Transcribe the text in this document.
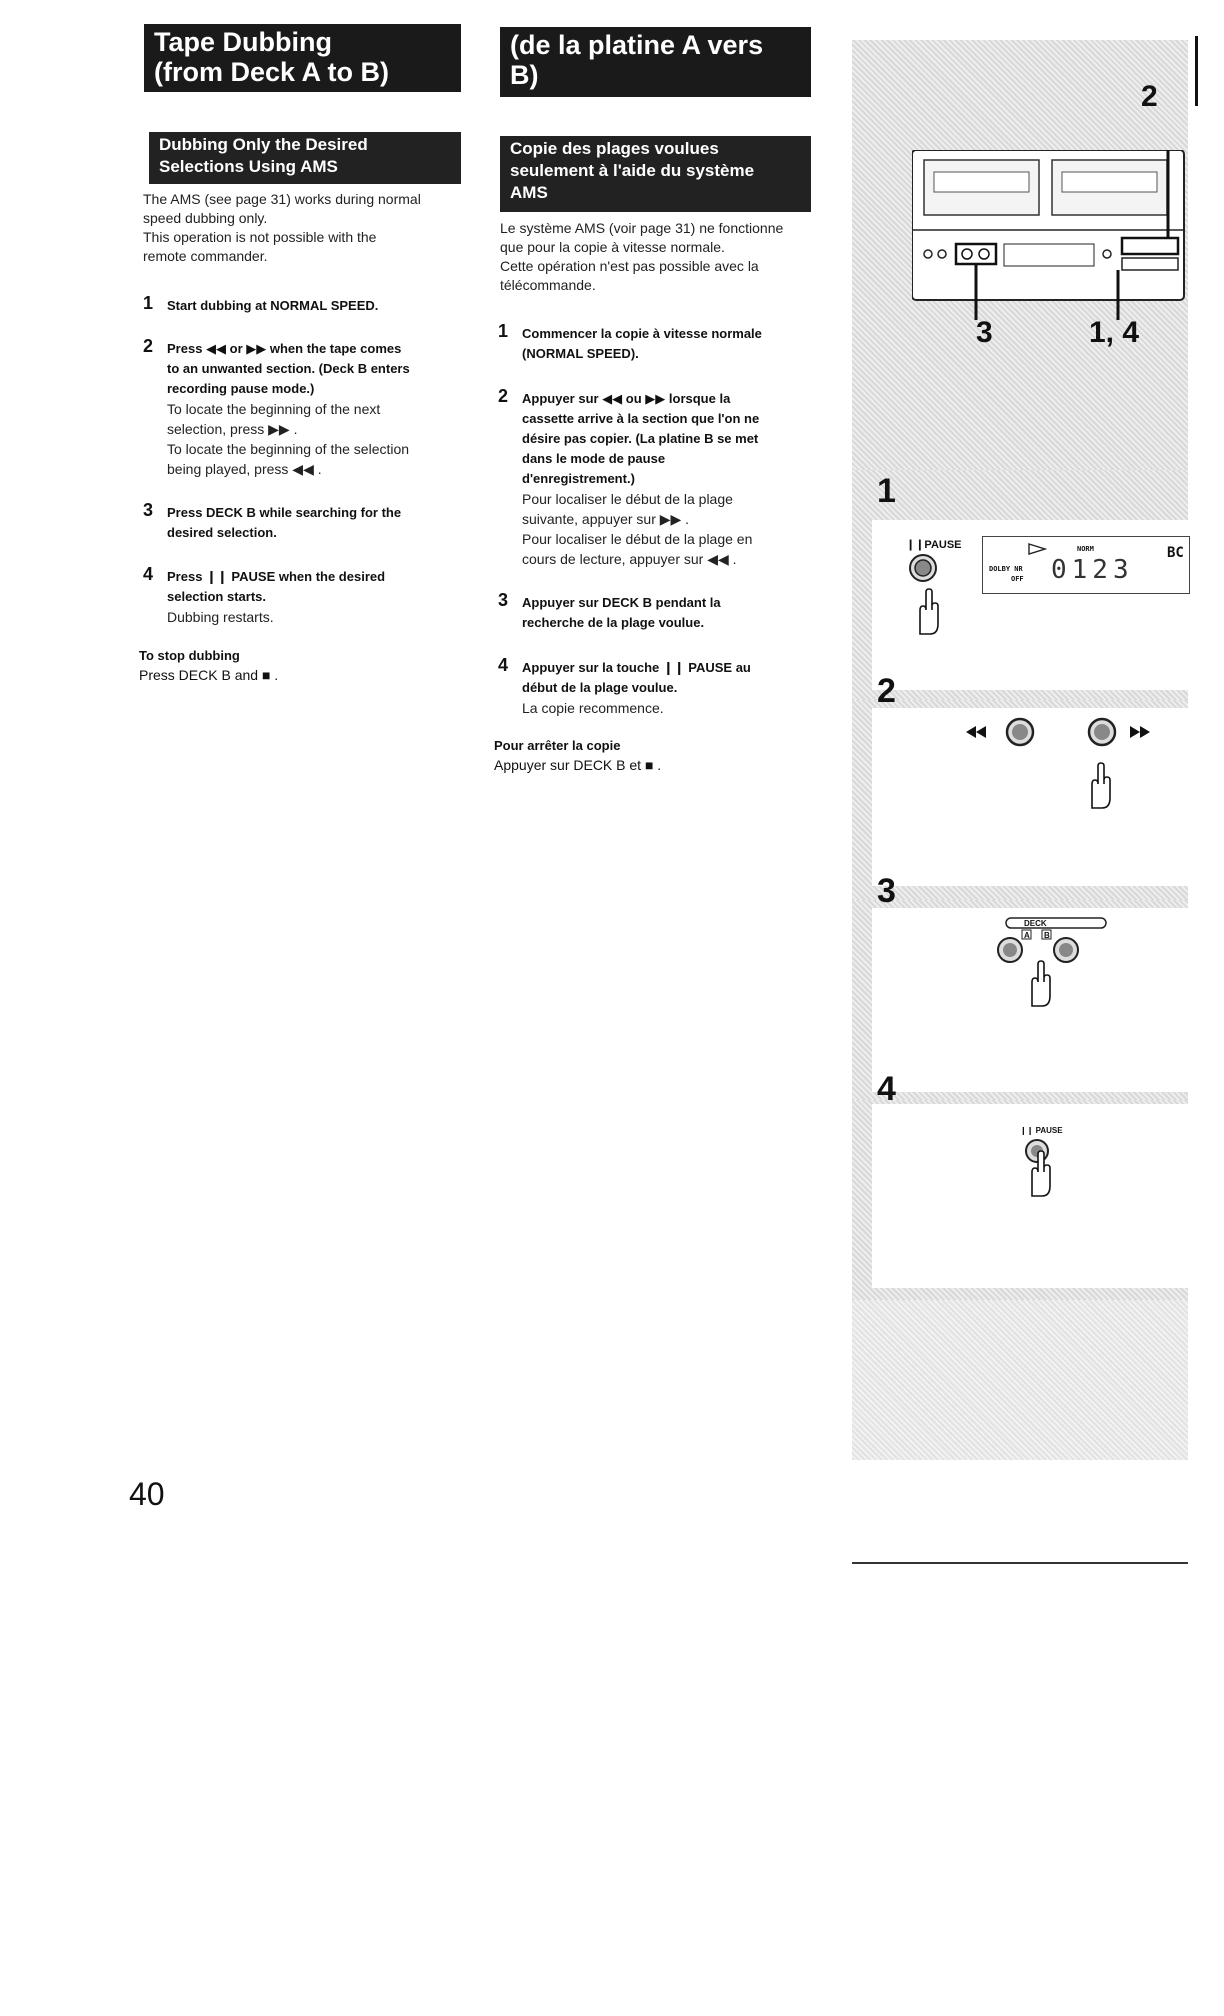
Tape Dubbing
(from Deck A to B)
Dubbing Only the Desired
Selections Using AMS
The AMS (see page 31) works during normal
speed dubbing only.
This operation is not possible with the
remote commander.
1 Start dubbing at NORMAL SPEED.
2 Press ◀◀ or ▶▶ when the tape comes
to an unwanted section. (Deck B enters
recording pause mode.)
To locate the beginning of the next
selection, press ▶▶ .
To locate the beginning of the selection
being played, press ◀◀ .
3 Press DECK B while searching for the
desired selection.
4 Press ❙❙ PAUSE when the desired
selection starts.
Dubbing restarts.
To stop dubbing
Press DECK B and ■ .
(de la platine A vers
B)
Copie des plages voulues
seulement à l'aide du système
AMS
Le système AMS (voir page 31) ne fonctionne
que pour la copie à vitesse normale.
Cette opération n'est pas possible avec la
télécommande.
1 Commencer la copie à vitesse normale
(NORMAL SPEED).
2 Appuyer sur ◀◀ ou ▶▶ lorsque la
cassette arrive à la section que l'on ne
désire pas copier. (La platine B se met
dans le mode de pause
d'enregistrement.)
Pour localiser le début de la plage
suivante, appuyer sur ▶▶ .
Pour localiser le début de la plage en
cours de lecture, appuyer sur ◀◀ .
3 Appuyer sur DECK B pendant la
recherche de la plage voulue.
4 Appuyer sur la touche ❙❙ PAUSE au
début de la plage voulue.
La copie recommence.
Pour arrêter la copie
Appuyer sur DECK B et ■ .
40
2
3	1, 4
1
❙❙PAUSE	NORM
DOLBY NR
OFF 0123
BC
2
3
DECK
A B
4
❙❙ PAUSE
